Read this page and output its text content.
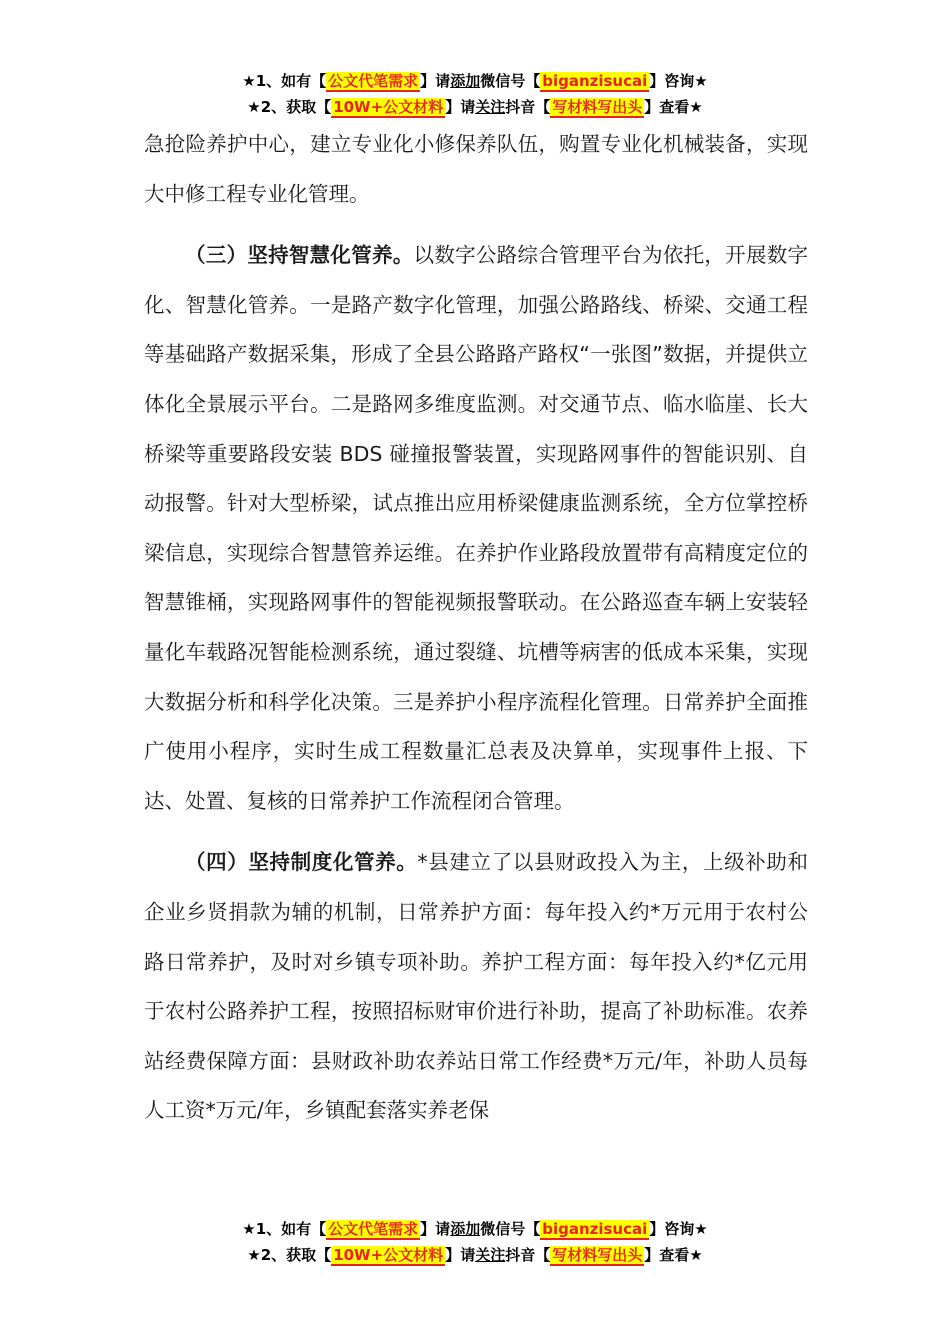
★1、如有【 公文代笔需求 】请添加微信号【 biganzisucai 】咨询★
★2、获取【 10W+公文材料 】请关注抖音【 写材料写出头 】查看★

急抢险养护中心，建立专业化小修保养队伍，购置专业化机械装备，实现大中修工程专业化管理。

（三）坚持智慧化管养。以数字公路综合管理平台为依托，开展数字化、智慧化管养。一是路产数字化管理，加强公路路线、桥梁、交通工程等基础路产数据采集，形成了全县公路路产路权“一张图”数据，并提供立体化全景展示平台。二是路网多维度监测。对交通节点、临水临崖、长大桥梁等重要路段安装 BDS 碰撞报警装置，实现路网事件的智能识别、自动报警。针对大型桥梁，试点推出应用桥梁健康监测系统，全方位掌控桥梁信息，实现综合智慧管养运维。在养护作业路段放置带有高精度定位的智慧锥桶，实现路网事件的智能视频报警联动。在公路巡查车辆上安装轻量化车载路况智能检测系统，通过裂缝、坑槽等病害的低成本采集，实现大数据分析和科学化决策。三是养护小程序流程化管理。日常养护全面推广使用小程序，实时生成工程数量汇总表及决算单，实现事件上报、下达、处置、复核的日常养护工作流程闭合管理。

（四）坚持制度化管养。*县建立了以县财政投入为主，上级补助和企业乡贤捐款为辅的机制，日常养护方面：每年投入约*万元用于农村公路日常养护，及时对乡镇专项补助。养护工程方面：每年投入约*亿元用于农村公路养护工程，按照招标财审价进行补助，提高了补助标准。农养站经费保障方面：县财政补助农养站日常工作经费*万元/年，补助人员每人工资*万元/年，乡镇配套落实养老保

★1、如有【 公文代笔需求 】请添加微信号【 biganzisucai 】咨询★
★2、获取【 10W+公文材料 】请关注抖音【 写材料写出头 】查看★
